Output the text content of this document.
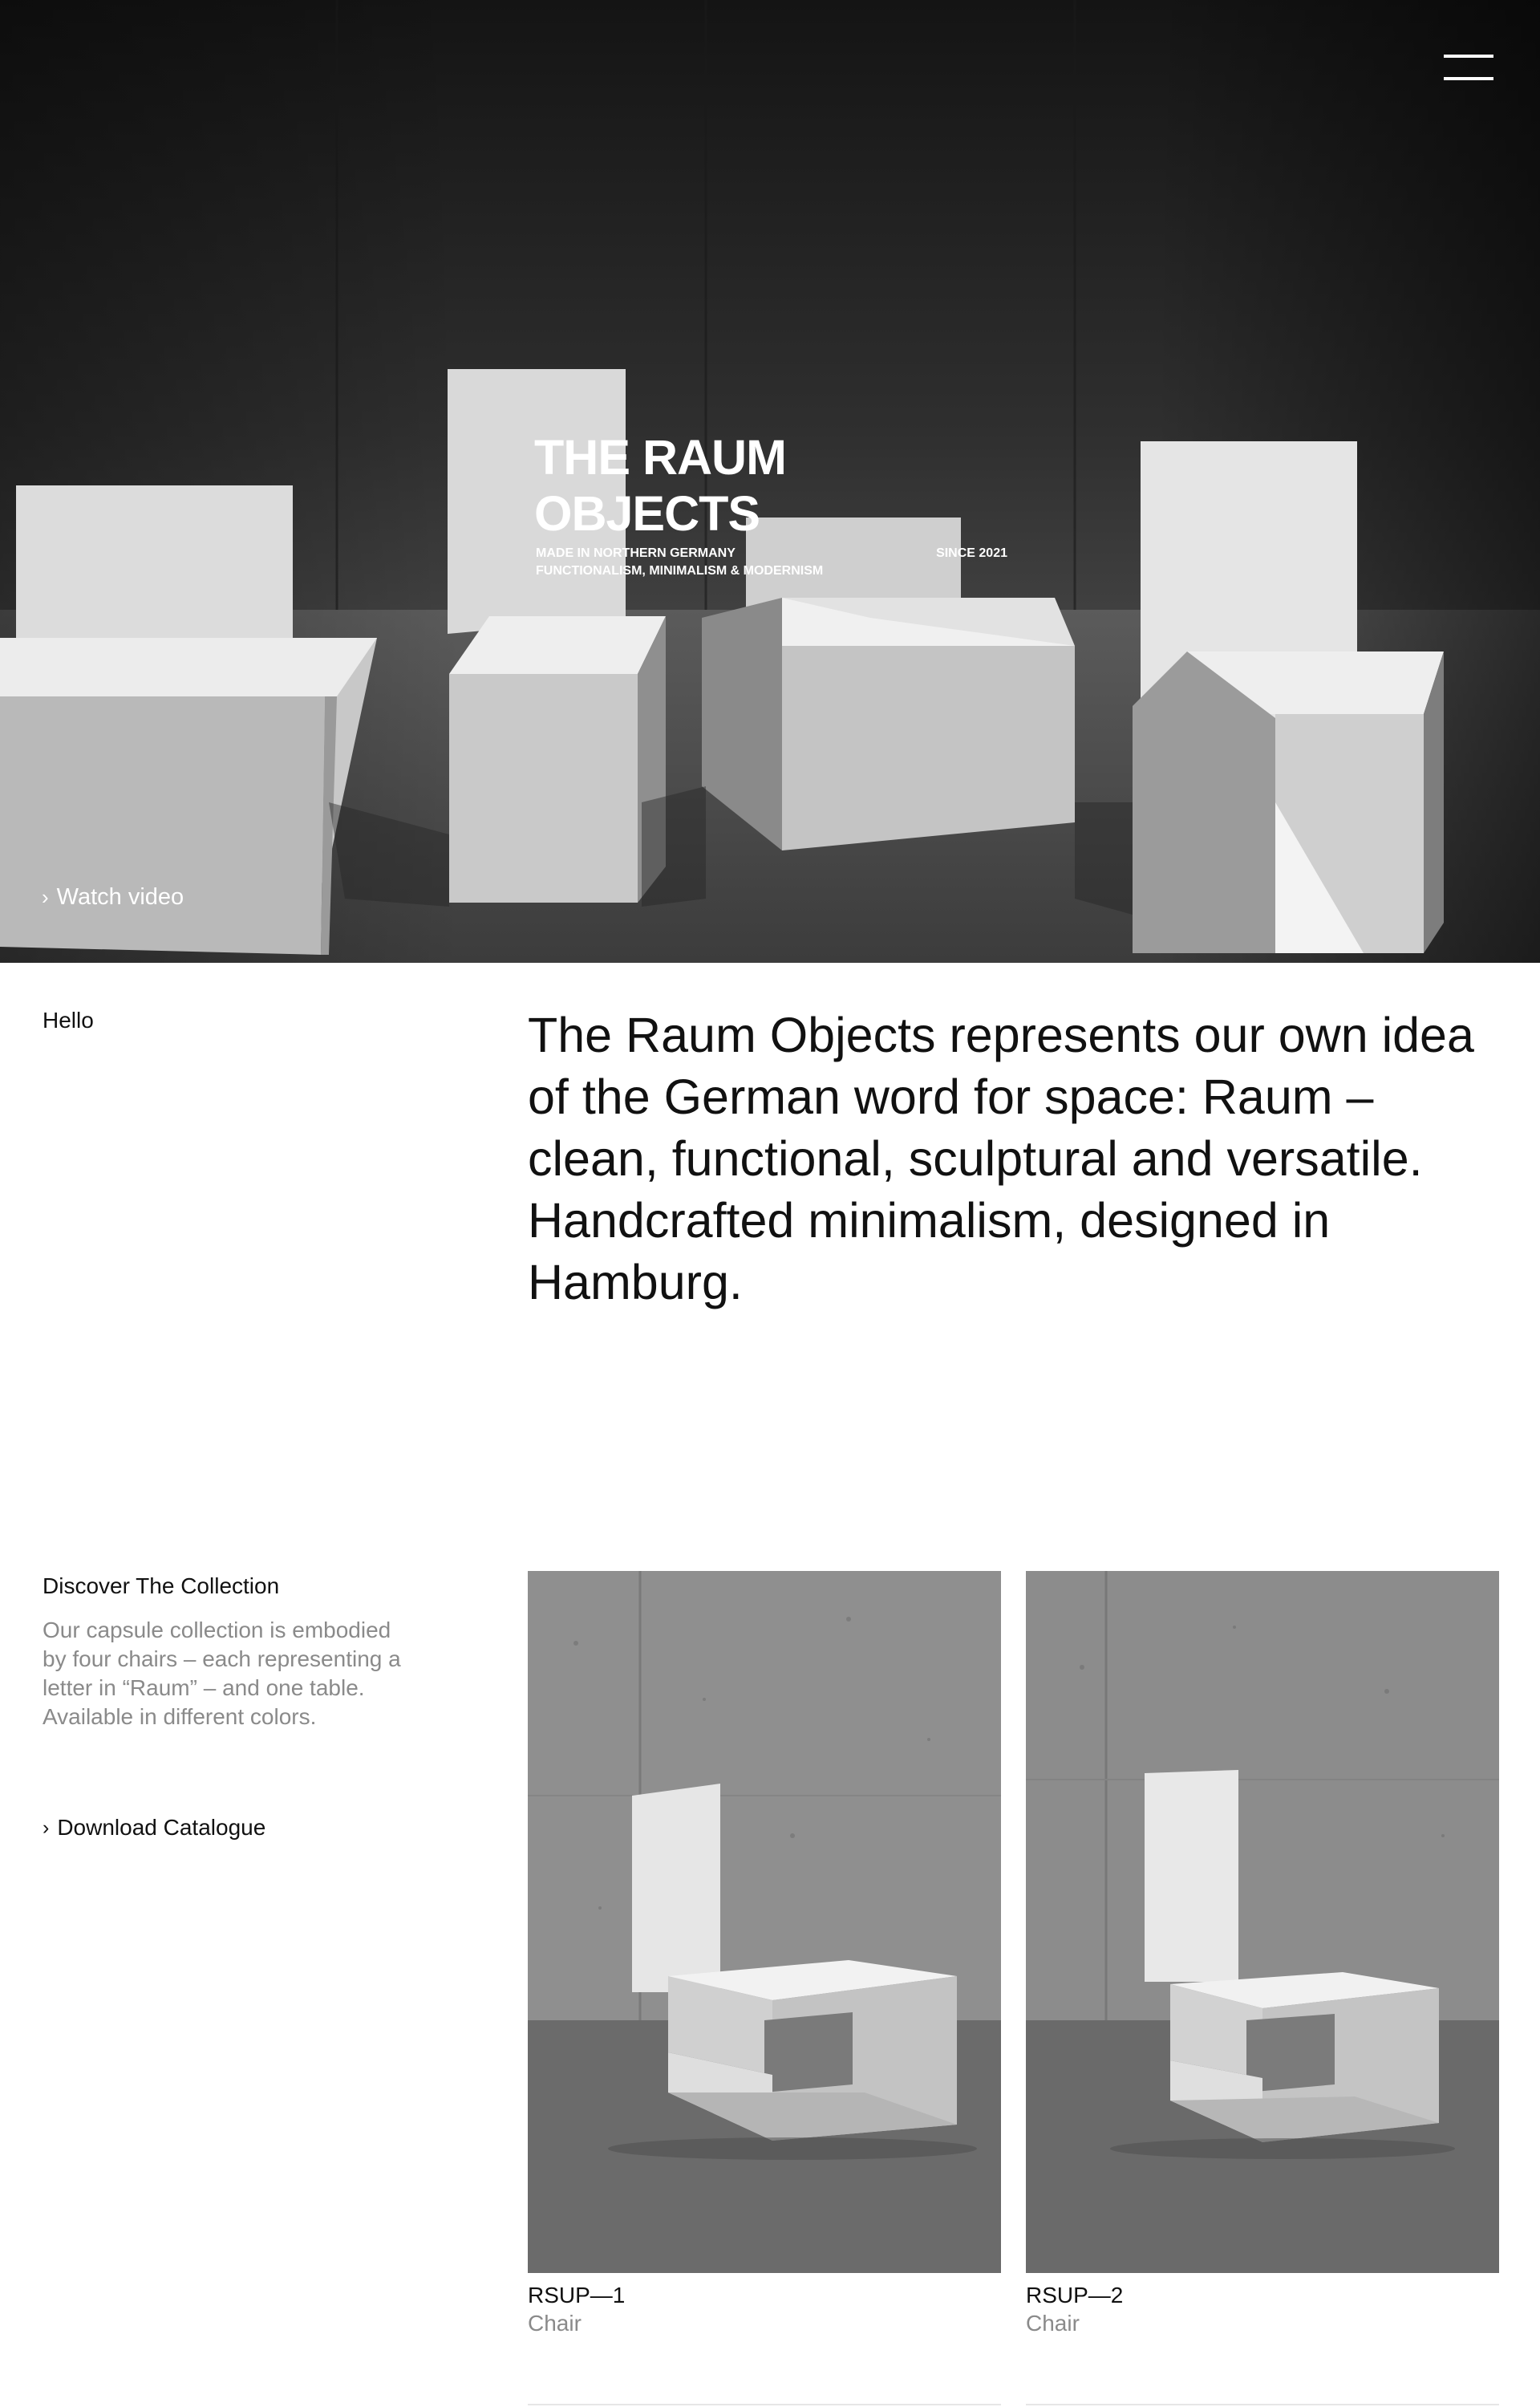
THE RAUM OBJECTS
MADE IN NORTHERN GERMANY
FUNCTIONALISM, MINIMALISM & MODERNISM
SINCE 2021
› Watch video
Hello	The Raum Objects represents our own idea of the German word for space: Raum – clean, functional, sculptural and versatile. Handcrafted minimalism, designed in Hamburg.

Discover The Collection

Our capsule collection is embodied by four chairs – each representing a letter in “Raum” – and one table. Available in different colors.

› Download Catalogue
RSUP—1
Chair
RSUP—2
Chair
